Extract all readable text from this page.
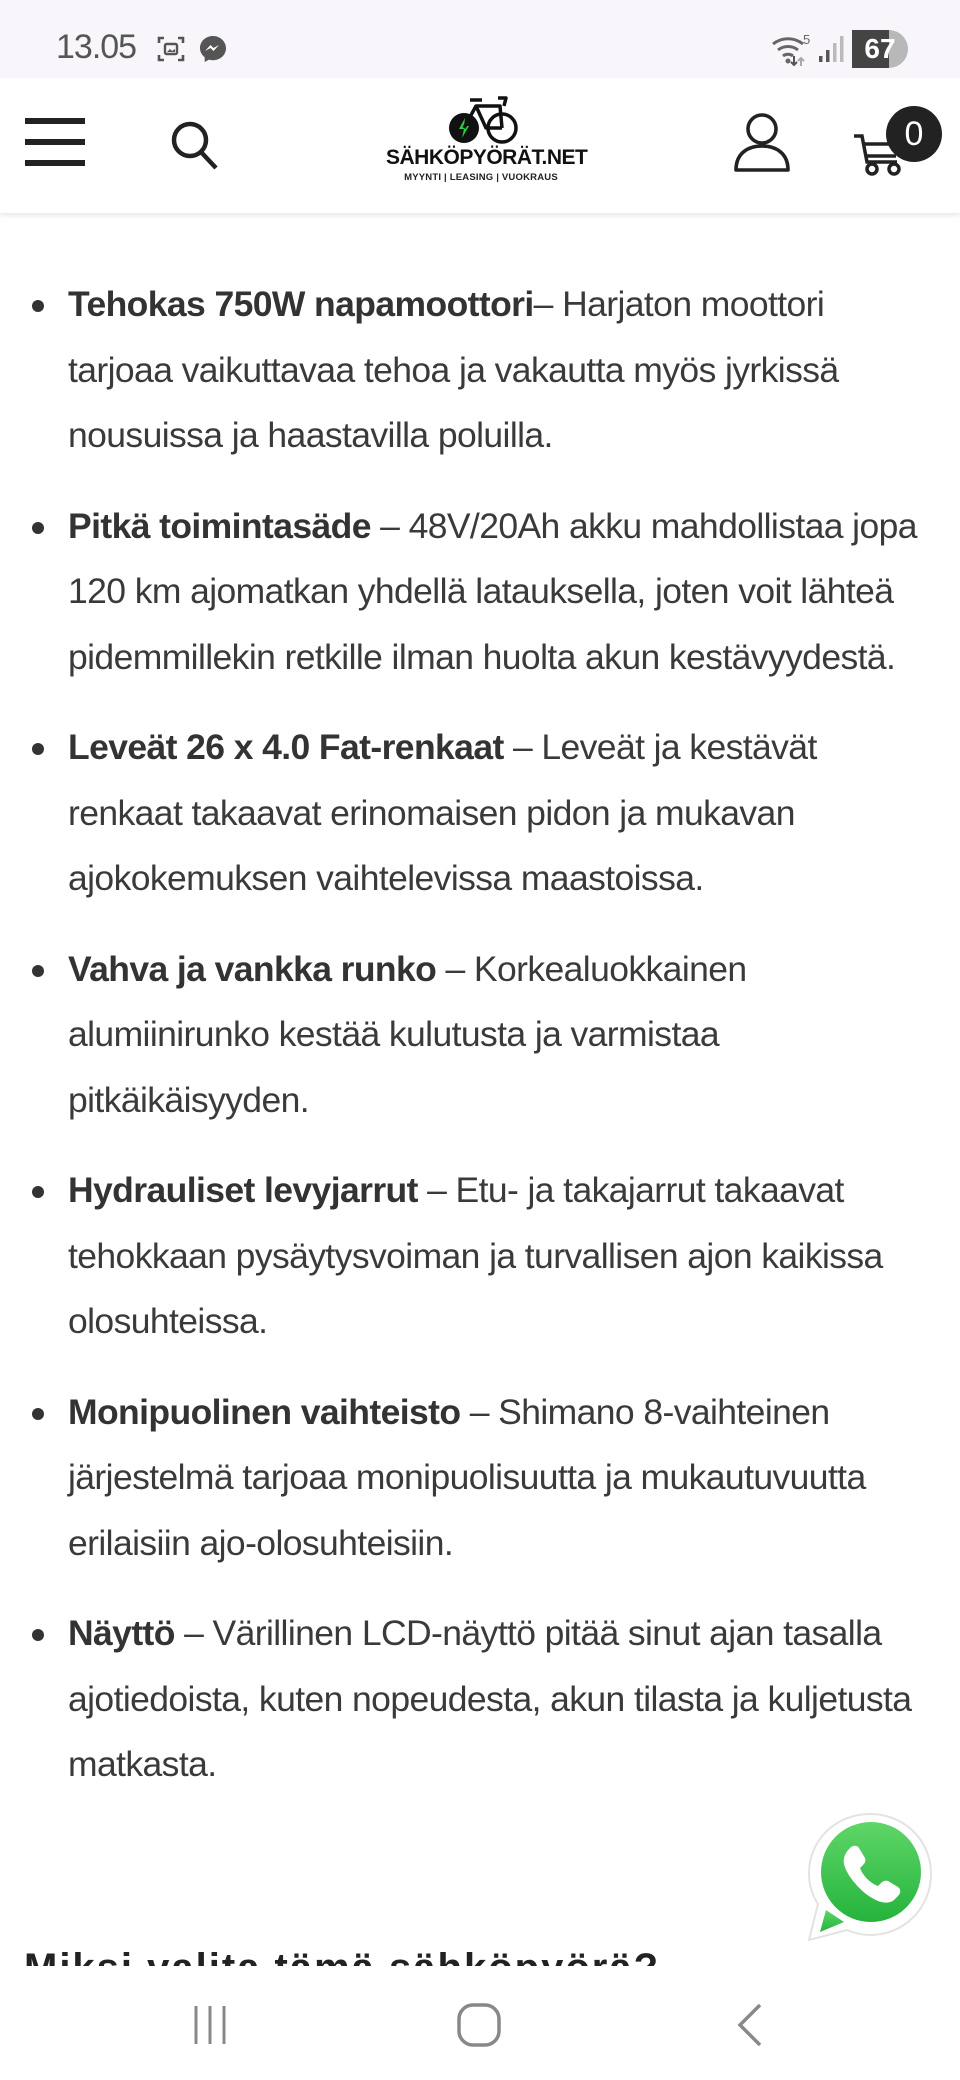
13.05	5	67
SÄHKÖPYÖRÄT.NET
MYYNTI | LEASING | VUOKRAUS
0
Tehokas 750W napamoottori– Harjaton moottori tarjoaa vaikuttavaa tehoa ja vakautta myös jyrkissä nousuissa ja haastavilla poluilla.
Pitkä toimintasäde – 48V/20Ah akku mahdollistaa jopa 120 km ajomatkan yhdellä latauksella, joten voit lähteä pidemmillekin retkille ilman huolta akun kestävyydestä.
Leveät 26 x 4.0 Fat-renkaat – Leveät ja kestävät renkaat takaavat erinomaisen pidon ja mukavan ajokokemuksen vaihtelevissa maastoissa.
Vahva ja vankka runko – Korkealuokkainen alumiinirunko kestää kulutusta ja varmistaa pitkäikäisyyden.
Hydrauliset levyjarrut – Etu- ja takajarrut takaavat tehokkaan pysäytysvoiman ja turvallisen ajon kaikissa olosuhteissa.
Monipuolinen vaihteisto – Shimano 8-vaihteinen järjestelmä tarjoaa monipuolisuutta ja mukautuvuutta erilaisiin ajo-olosuhteisiin.
Näyttö – Värillinen LCD-näyttö pitää sinut ajan tasalla ajotiedoista, kuten nopeudesta, akun tilasta ja kuljetusta matkasta.
